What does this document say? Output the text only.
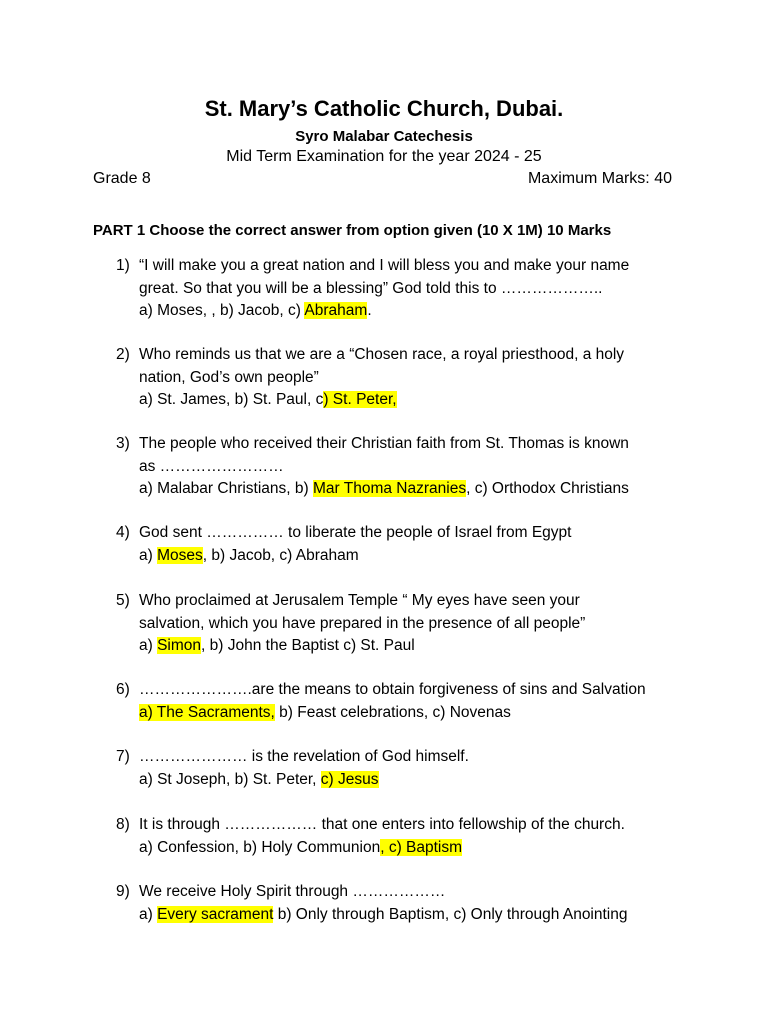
St. Mary’s Catholic Church, Dubai.
Syro Malabar Catechesis
Mid Term Examination for the year 2024 - 25
Grade 8	Maximum Marks: 40
PART 1 Choose the correct answer from option given (10 X 1M) 10 Marks
1) “I will make you a great nation and I will bless you and make your name
great. So that you will be a blessing” God told this to ………………..
a) Moses, , b) Jacob, c) Abraham.
2) Who reminds us that we are a “Chosen race, a royal priesthood, a holy
nation, God’s own people”
a) St. James, b) St. Paul, c) St. Peter,
3) The people who received their Christian faith from St. Thomas is known
as ……………………
a) Malabar Christians, b) Mar Thoma Nazranies, c) Orthodox Christians
4) God sent …………… to liberate the people of Israel from Egypt
a) Moses, b) Jacob, c) Abraham
5) Who proclaimed at Jerusalem Temple “ My eyes have seen your
salvation, which you have prepared in the presence of all people”
a) Simon, b) John the Baptist c) St. Paul
6) ………………….are the means to obtain forgiveness of sins and Salvation
a) The Sacraments, b) Feast celebrations, c) Novenas
7) ………………… is the revelation of God himself.
a) St Joseph, b) St. Peter, c) Jesus
8) It is through ……………… that one enters into fellowship of the church.
a) Confession, b) Holy Communion, c) Baptism
9) We receive Holy Spirit through ………………
a) Every sacrament b) Only through Baptism, c) Only through Anointing
